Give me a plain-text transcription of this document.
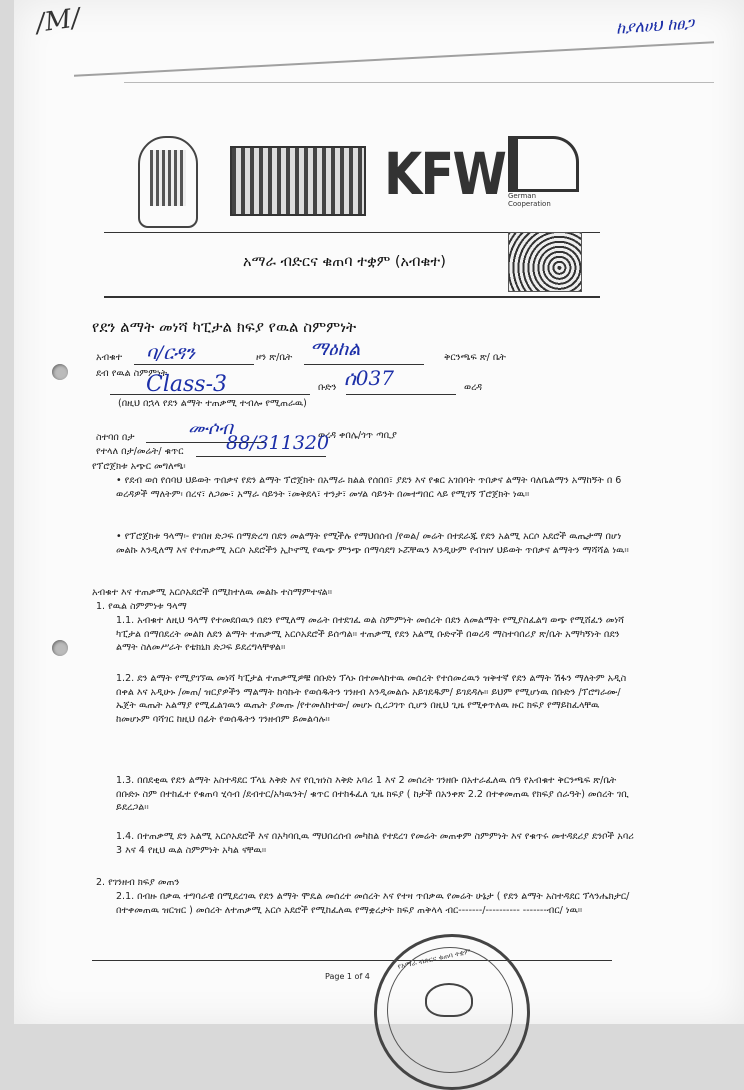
/M/	ከያለሀህ ከፀጋ
KFW German Cooperation
አማራ ብድርና ቁጠባ ተቋም (አብቁተ)
የደን ልማት መነሻ ካፒታል ክፍያ የዉል ስምምነት
አብቁተ ባ/ርዳን	ዞን ጽ/ቤት ማዕከል	ቅርንጫፍ ጽ/ ቤት
ደብ የዉል ስምምነት
Class-3	ቡድን ሰ037	ወረዳ
(በዚህ በኋላ የደን ልማት ተጠቃሚ ተብሎ የሚጠራዉ)
ስተባበ በታ	ሙሶብ	ወረዳ ቀበሌ/ጎጥ ጣቢያ
የተላለ በታ/መሬት/ ቁጥር 88/311320
የፕሮጀክቱ አጭር መግለጫ፡
• የደብ ወሰ የሰባህ ህይወት ጥበቃና የደን ልማት ፕሮጀክት በአማራ ክልል የሰበበ፣ ያደን እና የቁር አገበባት ጥበቃና ልማት ባለቤልማን አማከኝት በ 6 ወረዳዎች ማለትም፡ በረና፣ ለጋሙ፣ አማራ ሳይንት ፣መቅደላ፣ ተንታ፣ መሃል ሳይንት በመተግበር ላይ የሚገኝ ፕሮጀክት ነዉ።
• የፕሮጀክቱ ዓላማ፡- የገበዘ ድጋፍ በማድረግ በደን መልማት የሚችሉ የማህበሰብ /የወል/ መሬት በተደራጁ የደን አልሚ አርሶ አደሮች ዉጤታማ በሆነ መልኩ እንዲለማ እና የተጠቃሚ አርሶ አደሮችን ኢኮኖሚ የዉጭ ምንጭ በማሳደግ ኑሯቸዉን እንዲሁም የብዝሃ ህይወት ጥበቃና ልማትን ማሻሻል ነዉ።
አብቁተ እና ተጠቃሚ አርሶአደሮች በሚከተለዉ መልኩ ተስማምተናል።
1. የዉል ስምምነቱ ዓላማ
1.1. አብቁተ ለዚህ ዓላማ የተመደበዉን በደን የሚለማ መሬት በተደገፈ ወል ስምምነት መሰረት በደን ለመልማት የሚያስፈልግ ወጭ የሚሸፈን መነሻ ካፒታል በማበደረት መልክ ለደን ልማት ተጠቃሚ አርሶአደሮች ይሰጣል። ተጠቃሚ የደን አልሚ ቡድኖች በወረዳ ማስተባበሪያ ጽ/ቤት አማካኝነት በደን ልማት ስለመሥራት የቴክኒክ ድጋፍ ይደረግላቸዋል።
1.2. ደን ልማት የሚያገኘዉ መነሻ ካፒታል ተጠቃሚዎቹ በቡድነ ፕላኑ በተመላከተዉ መሰረት የተሰመረዉን ዝቅተኛ የደን ልማት ሽፋን ማለትም አዲስ በቀል እና አዲሁኑ /መጠ/ ዝርያዎችን ማልማት ከሳኩት የወሰዱትን ገንዘብ እንዲመልሱ አይገደዱም/ ይገደዳሉ። ይህም የሚሆነዉ በቡድን /ፕሮግራሙ/ ኤጀት ዉጤት አልማያ የሚፈልገዉን ዉጤት ያመጡ /የተመለከተው/ መሆኑ ሲረጋገጥ ሲሆን በዚህ ጊዜ የሚቀጥለዉ ዙር ክፍያ የማይከፈላቸዉ ከመሆኑም ባሻገር ከዚህ በፊት የወሰዱትን ገንዘብም ይመልሳሉ።
1.3. በበደቂዉ የደን ልማት አስተዳደር ፕላኒ እቅድ እና የቢዝነስ እቅድ አባሪ 1 እና 2 መሰረት ገንዘቡ በአተራፈለዉ ሰዓ የአብቁተ ቅርንጫፍ ጽ/ቤት በቡድኑ ስም በተከፈተ የቁጠባ ሂሳብ /ደብተር/አካዉንት/ ቁጥር በተከፋፈለ ጊዜ ክፍያ ( ከታች በአንቀጽ 2.2 በተቀመጠዉ የክፍያ ሰራዓት) መሰረት ገቢ ይደረጋል።
1.4. በተጠቃሚ ደን አልሚ አርሶአደሮች እና በአካባቢዉ ማህበረሰብ መካከል የተደረገ የመሬት መጠቀም ስምምነት እና የቁጥሩ መተዳደሪያ ደንቦች አባሪ 3 እና 4 የዚህ ዉል ስምምነት አካል ናቸዉ።
2. የገንዘብ ክፍያ መጠን
2.1. በብዙ በቃዉ ተግባራዊ በሚደረገዉ የደን ልማት ሞዴል መሰረተ መሰረት እና የተዛ ጥበቃዉ የመሬት ሁኔታ ( የደን ልማት አስተዳደር ፕላንሔክታር/ በተቀመጠዉ ዝርዝር ) መሰረት ለተጠቃሚ አርሶ አደሮች የሚከፈለዉ የማቋረታት ክፍያ ጠቅላላ ብር-------/---------- -------ብር/ ነዉ።
Page 1 of 4
የአማራ ብድርና ቁጠባ ተቋም
